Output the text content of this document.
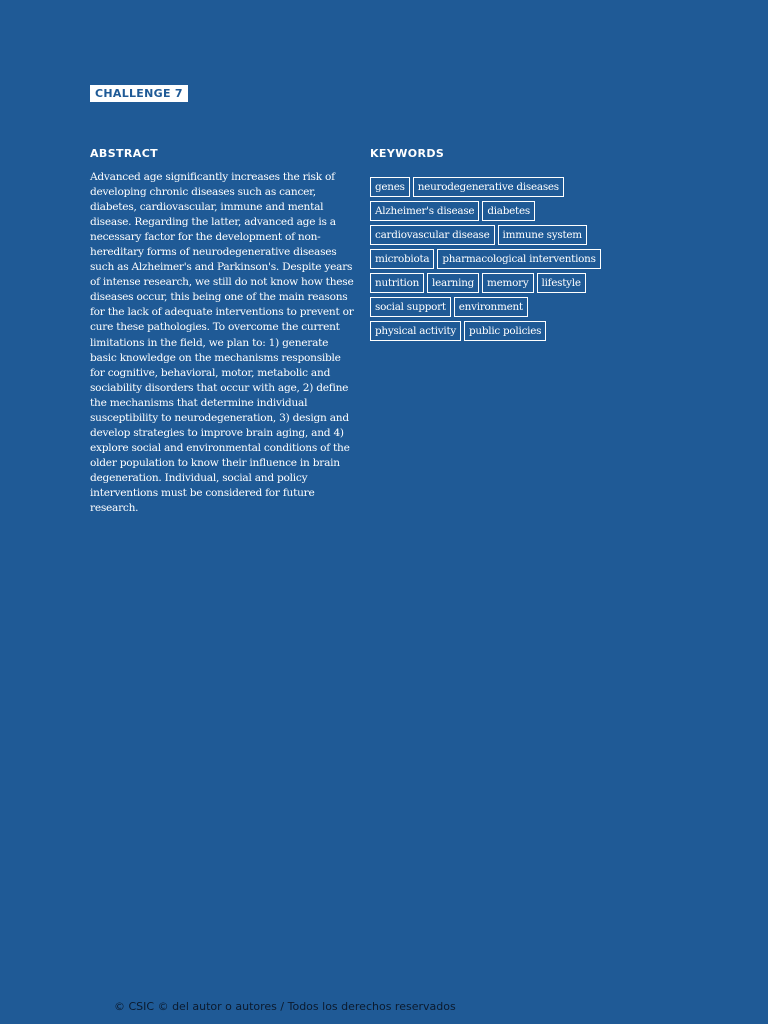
CHALLENGE 7
ABSTRACT

Advanced age significantly increases the risk of developing chronic diseases such as cancer, diabetes, cardiovascular, immune and mental disease. Regarding the latter, advanced age is a necessary factor for the development of non-hereditary forms of neurodegenerative diseases such as Alzheimer's and Parkinson's. Despite years of intense research, we still do not know how these diseases occur, this being one of the main reasons for the lack of adequate interventions to prevent or cure these pathologies. To overcome the current limitations in the field, we plan to: 1) generate basic knowledge on the mechanisms responsible for cognitive, behavioral, motor, metabolic and sociability disorders that occur with age, 2) define the mechanisms that determine individual susceptibility to neurodegeneration, 3) design and develop strategies to improve brain aging, and 4) explore social and environmental conditions of the older population to know their influence in brain degeneration. Individual, social and policy interventions must be considered for future research.

KEYWORDS
genes	neurodegenerative diseases
Alzheimer's disease	diabetes
cardiovascular disease	immune system
microbiota	pharmacological interventions
nutrition	learning	memory	lifestyle
social support	environment
physical activity	public policies
© CSIC © del autor o autores / Todos los derechos reservados
